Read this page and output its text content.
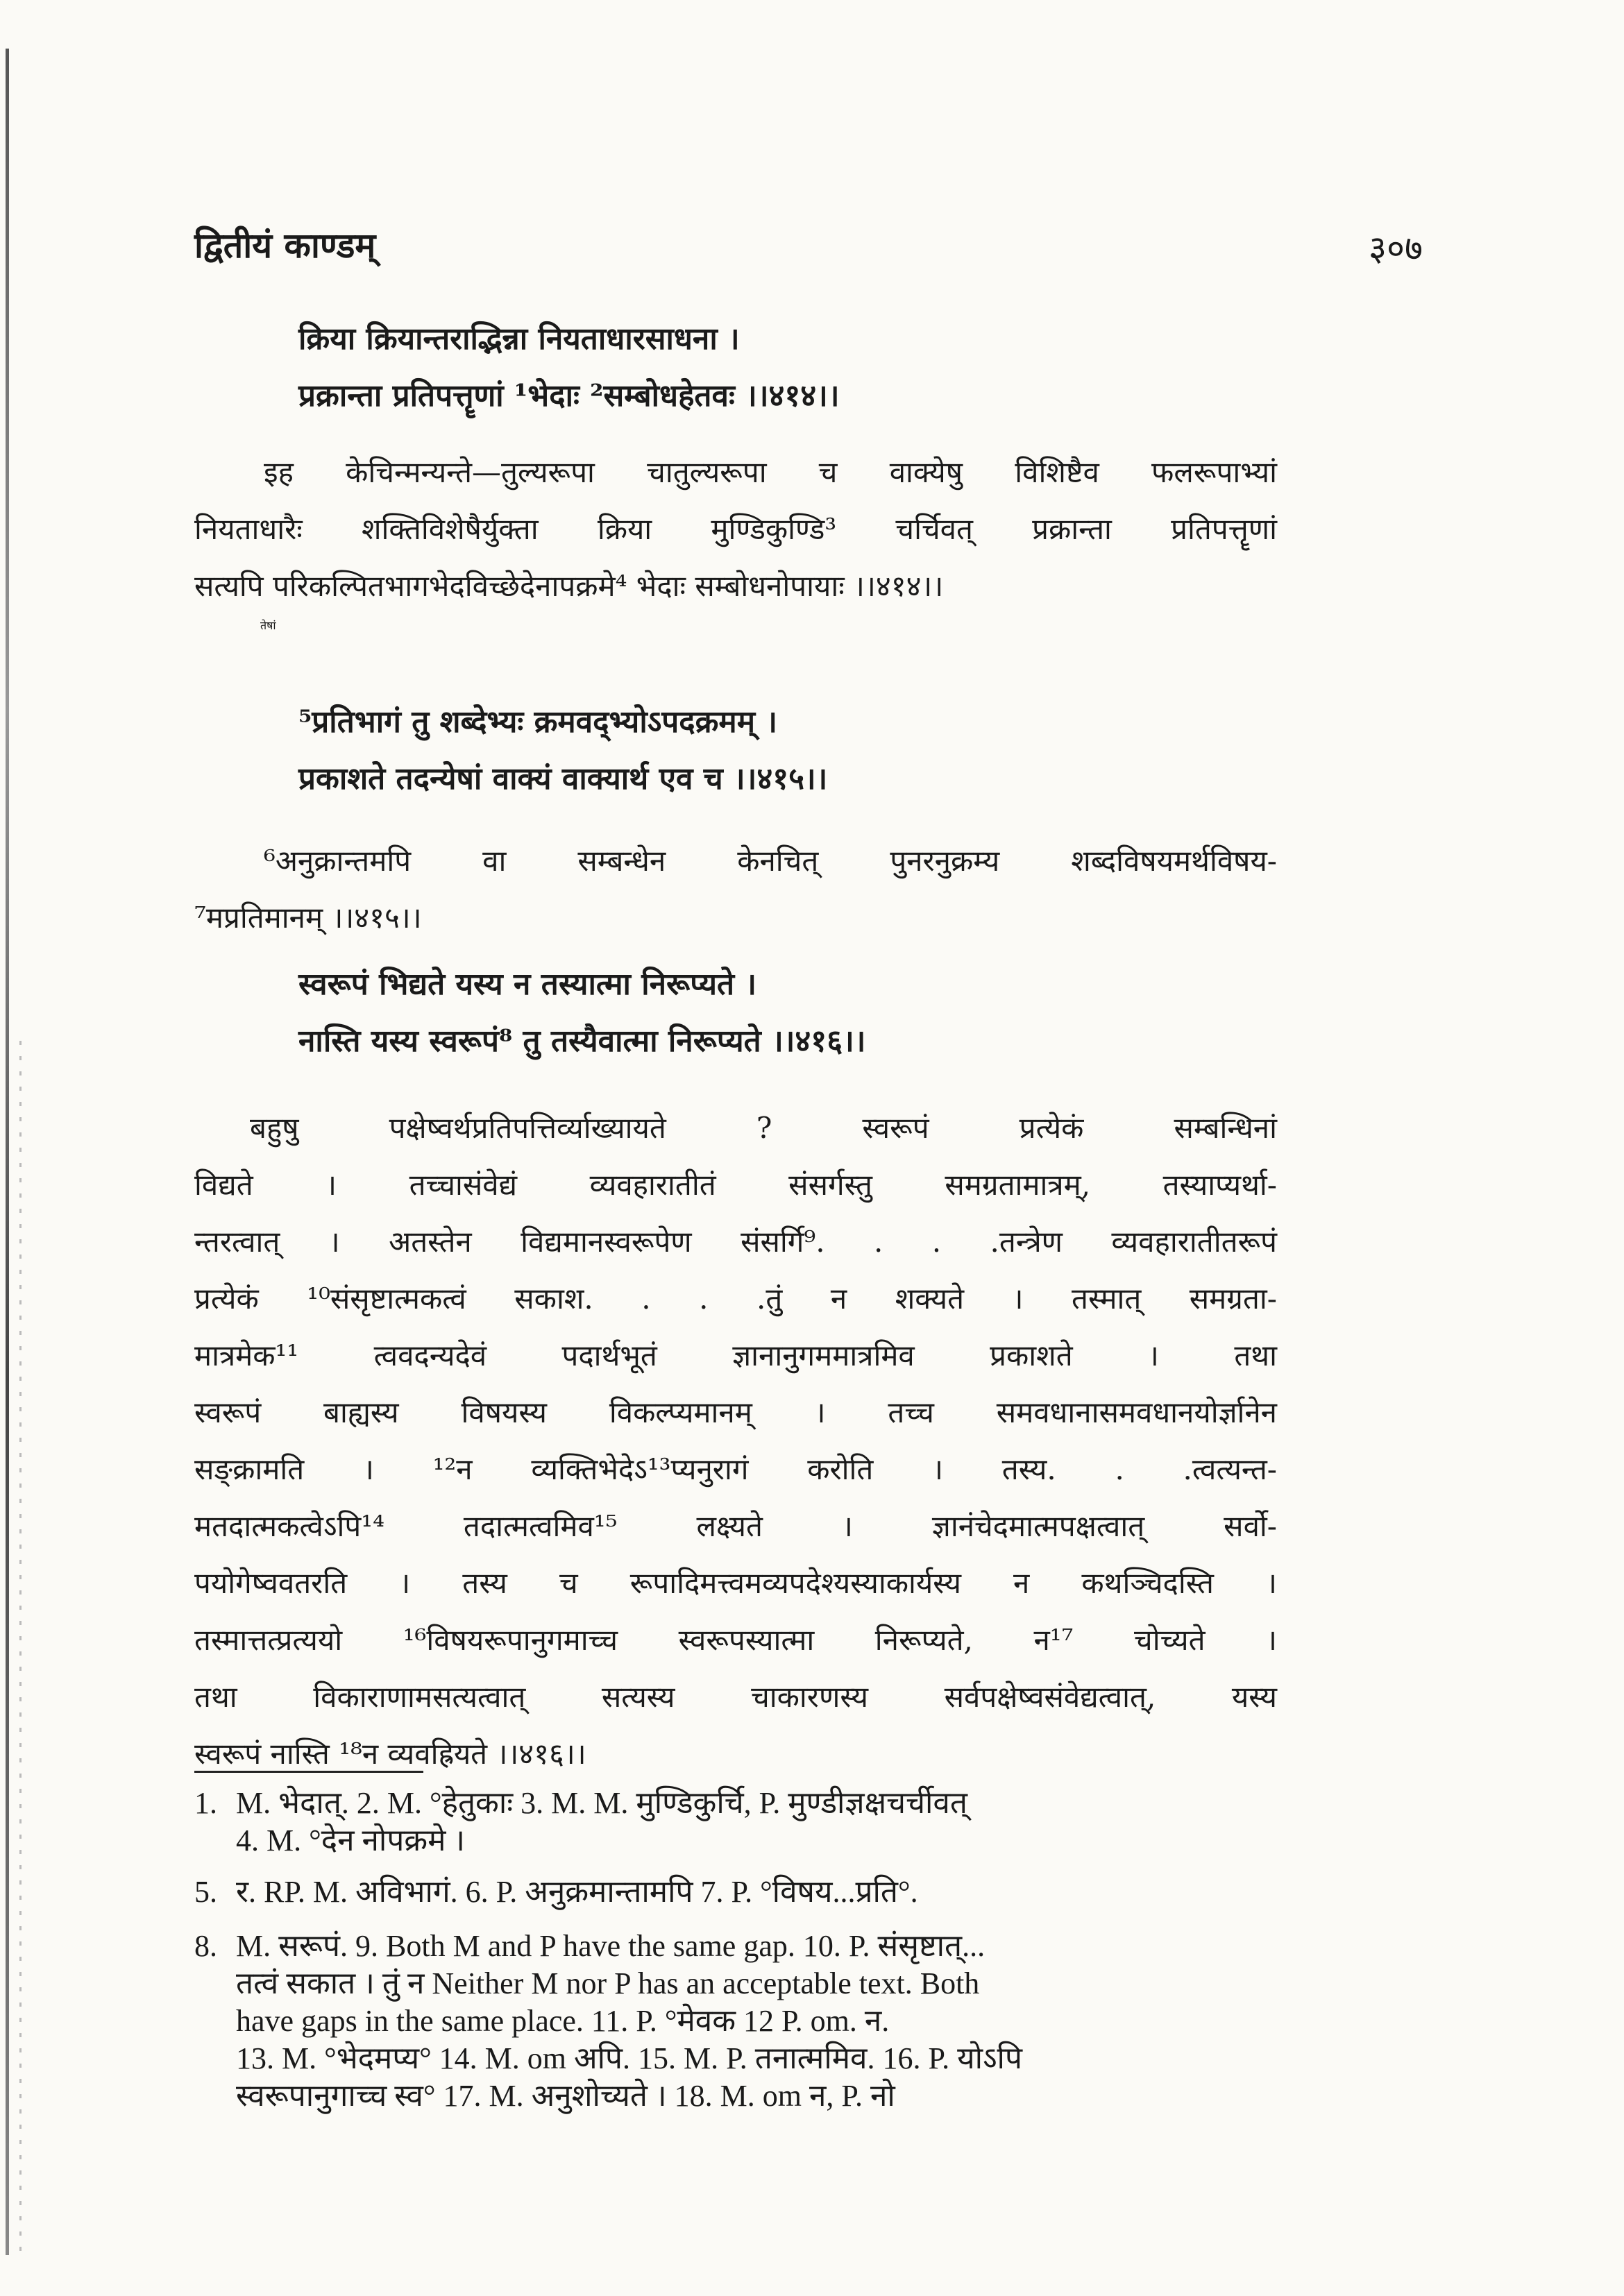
द्वितीयं काण्डम्	३०७

क्रिया क्रियान्तराद्भिन्ना नियताधारसाधना ।

प्रक्रान्ता प्रतिपत्तॄणां ¹भेदाः ²सम्बोधहेतवः ।।४१४।।

इह केचिन्मन्यन्ते—तुल्यरूपा चातुल्यरूपा च वाक्येषु विशिष्टैव फलरूपाभ्यां
नियताधारैः शक्तिविशेषैर्युक्ता क्रिया मुण्डिकुण्डि³ चर्चिवत् प्रक्रान्ता प्रतिपत्तॄणां
सत्यपि परिकल्पितभागभेदविच्छेदेनापक्रमे⁴ भेदाः सम्बोधनोपायाः ।।४१४।।
तेषां

⁵प्रतिभागं तु शब्देभ्यः क्रमवद्भ्योऽपदक्रमम् ।

प्रकाशते तदन्येषां वाक्यं वाक्यार्थ एव च ।।४१५।।

⁶अनुक्रान्तमपि वा सम्बन्धेन केनचित् पुनरनुक्रम्य शब्दविषयमर्थविषय-
⁷मप्रतिमानम् ।।४१५।।

स्वरूपं भिद्यते यस्य न तस्यात्मा निरूप्यते ।

नास्ति यस्य स्वरूपं⁸ तु तस्यैवात्मा निरूप्यते ।।४१६।।

बहुषु पक्षेष्वर्थप्रतिपत्तिर्व्याख्यायते ? स्वरूपं प्रत्येकं सम्बन्धिनां
विद्यते । तच्चासंवेद्यं व्यवहारातीतं संसर्गस्तु समग्रतामात्रम्, तस्याप्यर्था-
न्तरत्वात् । अतस्तेन विद्यमानस्वरूपेण संसर्गि⁹. . . .तन्त्रेण व्यवहारातीतरूपं
प्रत्येकं ¹⁰संसृष्टात्मकत्वं सकाश. . . .तुं न शक्यते । तस्मात् समग्रता-
मात्रमेक¹¹ त्ववदन्यदेवं पदार्थभूतं ज्ञानानुगममात्रमिव प्रकाशते । तथा
स्वरूपं बाह्यस्य विषयस्य विकल्प्यमानम् । तच्च समवधानासमवधानयोर्ज्ञानेन
सङ्क्रामति । ¹²न व्यक्तिभेदेऽ¹³प्यनुरागं करोति । तस्य. . .त्वत्यन्त-
मतदात्मकत्वेऽपि¹⁴ तदात्मत्वमिव¹⁵ लक्ष्यते । ज्ञानंचेदमात्मपक्षत्वात् सर्वो-
पयोगेष्ववतरति । तस्य च रूपादिमत्त्वमव्यपदेश्यस्याकार्यस्य न कथञ्चिदस्ति ।
तस्मात्तत्प्रत्ययो ¹⁶विषयरूपानुगमाच्च स्वरूपस्यात्मा निरूप्यते, न¹⁷ चोच्यते ।
तथा विकाराणामसत्यत्वात् सत्यस्य चाकारणस्य सर्वपक्षेष्वसंवेद्यत्वात्, यस्य
स्वरूपं नास्ति ¹⁸न व्यवह्रियते ।।४१६।।
1. M. भेदात्. 2. M. °हेतुकाः 3. M. M. मुण्डिकुर्चि, P. मुण्डीज्ञक्षचर्चीवत्
4. M. °देन नोपक्रमे ।
5. र. RP. M. अविभागं. 6. P. अनुक्रमान्तामपि 7. P. °विषय...प्रति°.
8. M. सरूपं. 9. Both M and P have the same gap. 10. P. संसृष्टात्...
तत्वं सकात । तुं न Neither M nor P has an acceptable text. Both
have gaps in the same place. 11. P. °मेवक 12 P. om. न.
13. M. °भेदमप्य° 14. M. om अपि. 15. M. P. तनात्ममिव. 16. P. योऽपि
स्वरूपानुगाच्च स्व° 17. M. अनुशोच्यते । 18. M. om न, P. नो
